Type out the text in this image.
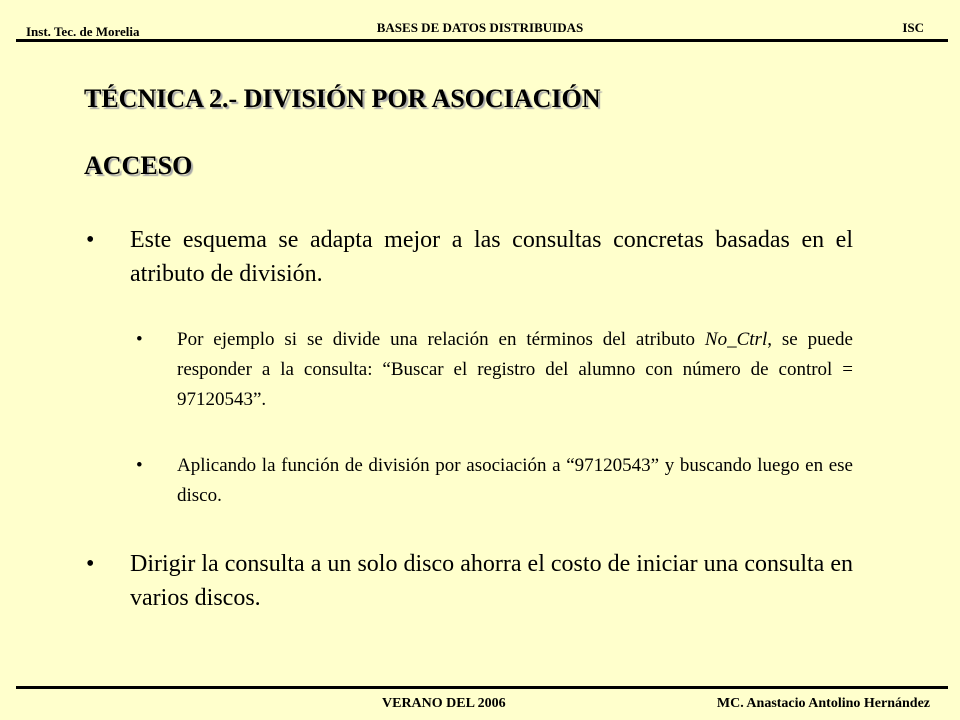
Inst. Tec. de Morelia	BASES DE DATOS DISTRIBUIDAS	ISC
TÉCNICA 2.- DIVISIÓN POR ASOCIACIÓN
ACCESO
• Este esquema se adapta mejor a las consultas concretas basadas en el atributo de división.
• Por ejemplo si se divide una relación en términos del atributo No_Ctrl, se puede responder a la consulta: “Buscar el registro del alumno con número de control = 97120543”.
• Aplicando la función de división por asociación a “97120543” y buscando luego en ese disco.
• Dirigir la consulta a un solo disco ahorra el costo de iniciar una consulta en varios discos.
VERANO DEL 2006	MC. Anastacio Antolino Hernández
